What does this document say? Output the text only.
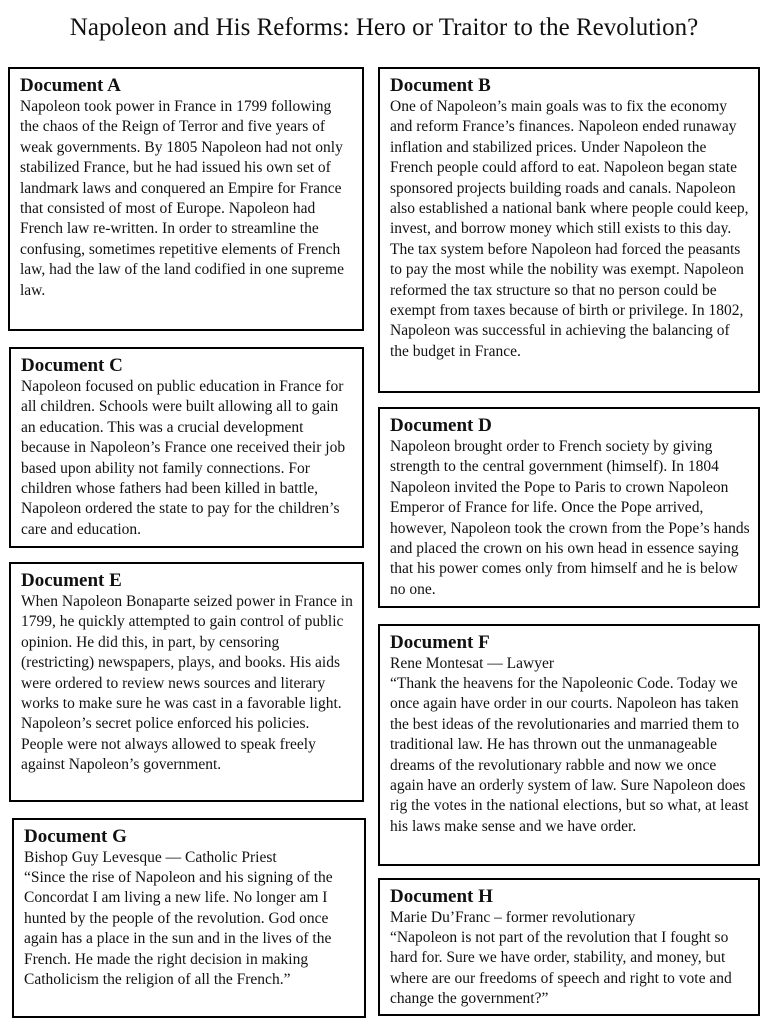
Napoleon and His Reforms: Hero or Traitor to the Revolution?
Document A

Napoleon took power in France in 1799 following the chaos of the Reign of Terror and five years of weak governments. By 1805 Napoleon had not only stabilized France, but he had issued his own set of landmark laws and conquered an Empire for France that consisted of most of Europe. Napoleon had French law re-written. In order to streamline the confusing, sometimes repetitive elements of French law, had the law of the land codified in one supreme law.

Document B

One of Napoleon’s main goals was to fix the economy and reform France’s finances. Napoleon ended runaway inflation and stabilized prices. Under Napoleon the French people could afford to eat. Napoleon began state sponsored projects building roads and canals. Napoleon also established a national bank where people could keep, invest, and borrow money which still exists to this day. The tax system before Napoleon had forced the peasants to pay the most while the nobility was exempt. Napoleon reformed the tax structure so that no person could be exempt from taxes because of birth or privilege. In 1802, Napoleon was successful in achieving the balancing of the budget in France.

Document C

Napoleon focused on public education in France for all children. Schools were built allowing all to gain an education. This was a crucial development because in Napoleon’s France one received their job based upon ability not family connections. For children whose fathers had been killed in battle, Napoleon ordered the state to pay for the children’s care and education.

Document D

Napoleon brought order to French society by giving strength to the central government (himself). In 1804 Napoleon invited the Pope to Paris to crown Napoleon Emperor of France for life. Once the Pope arrived, however, Napoleon took the crown from the Pope’s hands and placed the crown on his own head in essence saying that his power comes only from himself and he is below no one.

Document E

When Napoleon Bonaparte seized power in France in 1799, he quickly attempted to gain control of public opinion. He did this, in part, by censoring (restricting) newspapers, plays, and books. His aids were ordered to review news sources and literary works to make sure he was cast in a favorable light. Napoleon’s secret police enforced his policies. People were not always allowed to speak freely against Napoleon’s government.

Document F
Rene Montesat — Lawyer

“Thank the heavens for the Napoleonic Code. Today we once again have order in our courts. Napoleon has taken the best ideas of the revolutionaries and married them to traditional law. He has thrown out the unmanageable dreams of the revolutionary rabble and now we once again have an orderly system of law. Sure Napoleon does rig the votes in the national elections, but so what, at least his laws make sense and we have order.

Document G
Bishop Guy Levesque — Catholic Priest

“Since the rise of Napoleon and his signing of the Concordat I am living a new life. No longer am I hunted by the people of the revolution. God once again has a place in the sun and in the lives of the French. He made the right decision in making Catholicism the religion of all the French.”

Document H
Marie Du’Franc – former revolutionary

“Napoleon is not part of the revolution that I fought so hard for. Sure we have order, stability, and money, but where are our freedoms of speech and right to vote and change the government?”
